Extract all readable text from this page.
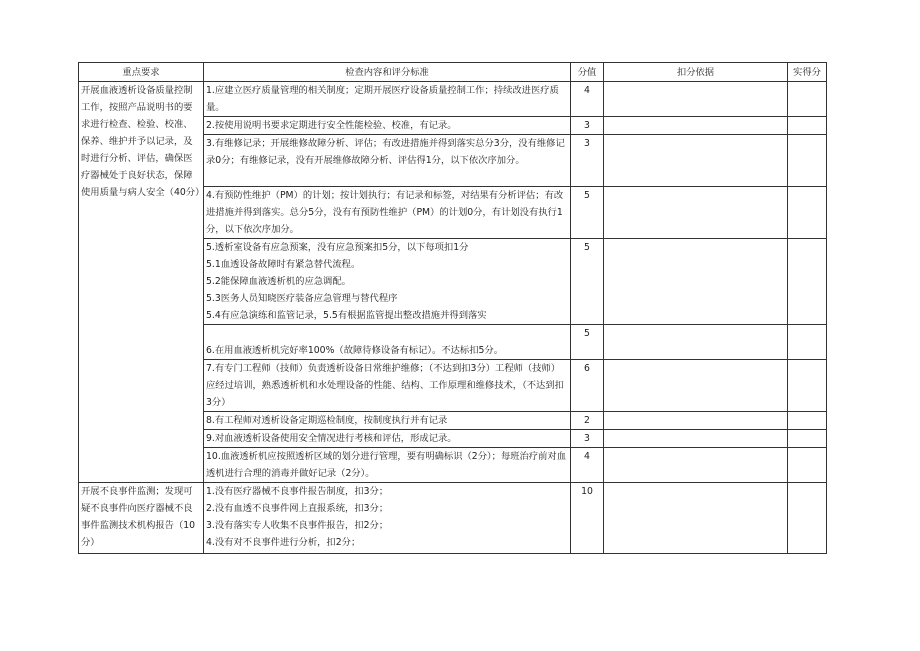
重点要求	检查内容和评分标准	分值	扣分依据	实得分
开展血液透析设备质量控制工作，按照产品说明书的要求进行检查、检验、校准、保养、维护并予以记录，及时进行分析、评估，确保医疗器械处于良好状态，保障使用质量与病人安全（40分）	1.应建立医疗质量管理的相关制度；定期开展医疗设备质量控制工作；持续改进医疗质量。	4		
	2.按使用说明书要求定期进行安全性能检验、校准，有记录。	3		
	3.有维修记录；开展维修故障分析、评估；有改进措施并得到落实总分3分，没有维修记录0分；有维修记录，没有开展维修故障分析、评估得1分，以下依次序加分。	3		
	4.有预防性维护（PM）的计划；按计划执行；有记录和标签，对结果有分析评估；有改进措施并得到落实。总分5分，没有有预防性维护（PM）的计划0分，有计划没有执行1分，以下依次序加分。	5		

	5.透析室设备有应急预案，没有应急预案扣5分，以下每项扣1分
5.1血透设备故障时有紧急替代流程。
5.2能保障血液透析机的应急调配。
5.3医务人员知晓医疗装备应急管理与替代程序
5.4有应急演练和监管记录，5.5有根据监管提出整改措施并得到落实	5		
	6.在用血液透析机完好率100%（故障待修设备有标记）。不达标扣5分。	5		
	7.有专门工程师（技师）负责透析设备日常维护维修；（不达到扣3分）工程师（技师）应经过培训，熟悉透析机和水处理设备的性能、结构、工作原理和维修技术，（不达到扣3分）	6		
	8.有工程师对透析设备定期巡检制度，按制度执行并有记录	2		
	9.对血液透析设备使用安全情况进行考核和评估，形成记录。	3		
	10.血液透析机应按照透析区域的划分进行管理，要有明确标识（2分）；每班治疗前对血透机进行合理的消毒并做好记录（2分）。	4		
开展不良事件监测；发现可疑不良事件向医疗器械不良事件监测技术机构报告（10分）	1.没有医疗器械不良事件报告制度，扣3分；
2.没有血透不良事件网上直报系统，扣3分；
3.没有落实专人收集不良事件报告，扣2分；
4.没有对不良事件进行分析，扣2分；	10		
